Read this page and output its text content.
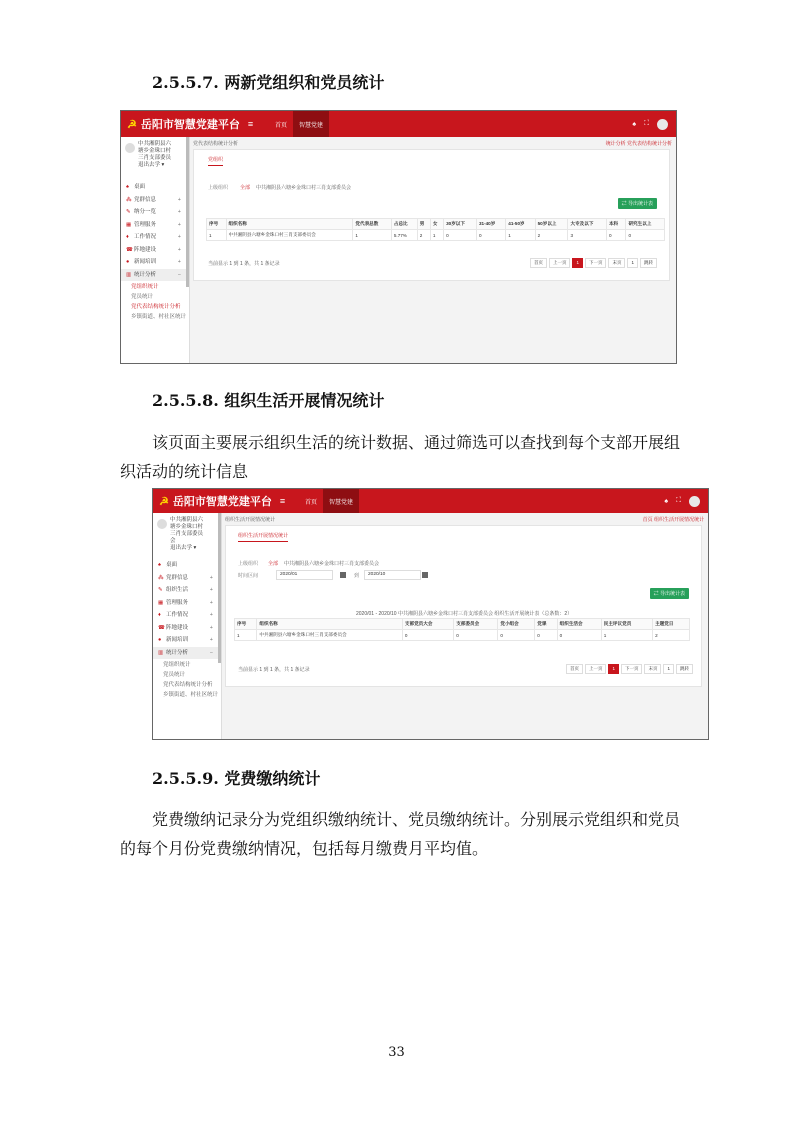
2.5.5.7. 两新党组织和党员统计
☭ 岳阳市智慧党建平台 ≡	首页	智慧党建	♠ ⛶
中共湘阴县六
塘乡金珠口村
三肖支部委员
退出去学 ▾
♠ 桌面
⁂ 党群信息	+
✎ 纳分一览	+
▦ 管理服务	+
♦ 工作情况	+
☎阵地建设	+
● 新闻培训	+
▥ 统计分析	−
党组织统计
党员统计
党代表结构统计分析
乡镇街道、村社区统计
党代表结构统计分析	统计分析 党代表结构统计分析
党组织
上级组织 全部 中共湘阴县六塘乡金珠口村三肖支部委员会
⇄ 导出统计表
序号	组织名称	党代表总数	占总比	男	女	30岁以下	31-40岁	41-50岁	50岁以上	大专及以下	本科	研究生以上
1	中共湘阴县六塘乡金珠口村三肖支部委员会	1	5.77%	2	1	0	0	1	2	3	0	0
当前显示 1 到 1 条，共 1 条记录	首页	上一页	1	下一页	末页	1	跳转
2.5.5.8. 组织生活开展情况统计
该页面主要展示组织生活的统计数据、通过筛选可以查找到每个支部开展组织活动的统计信息
☭ 岳阳市智慧党建平台 ≡	首页	智慧党建	♠ ⛶
中共湘阴县六
塘乡金珠口村
三肖支部委员
会
退出去学 ▾
♠ 桌面
⁂ 党群信息	+
✎ 组织生活	+
▦ 管理服务	+
♦ 工作情况	+
☎阵地建设	+
● 新闻培训	+
▥ 统计分析	−
党组织统计
党员统计
党代表结构统计分析
乡镇街道、村社区统计
组织生活开展情况统计	首页 组织生活开展情况统计
组织生活开展情况统计
上级组织 全部 中共湘阴县六塘乡金珠口村三肖支部委员会
时间区间	2020/01	到	2020/10
⇄ 导出统计表
2020/01 - 2020/10 中共湘阴县六塘乡金珠口村三肖支部委员会 组织生活开展统计表（总条数：2）
序号	组织名称	支部党员大会	支部委员会	党小组会	党课	组织生活会	民主评议党员	主题党日
1	中共湘阴县六塘乡金珠口村三肖支部委员会	0	0	0	0	0	1	2
当前显示 1 到 1 条，共 1 条记录	首页	上一页	1	下一页	末页	1	跳转
2.5.5.9. 党费缴纳统计
党费缴纳记录分为党组织缴纳统计、党员缴纳统计。分别展示党组织和党员的每个月份党费缴纳情况，包括每月缴费月平均值。
33
